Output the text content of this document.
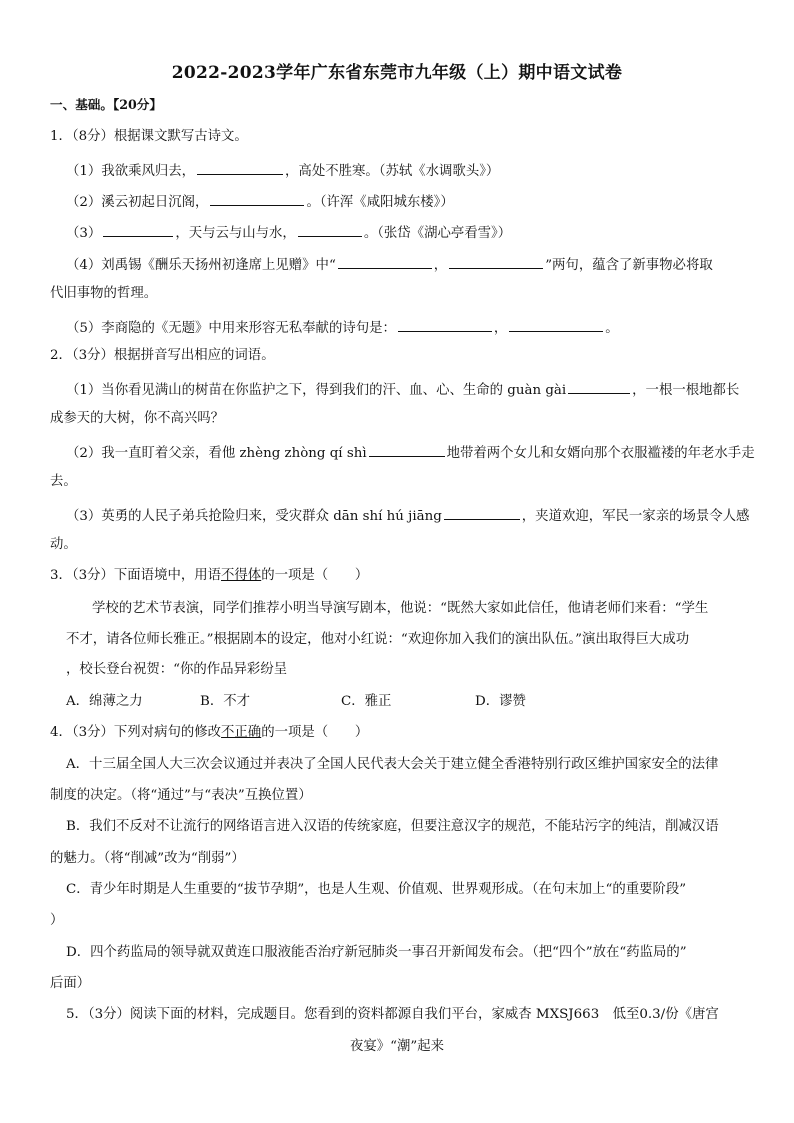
2022-2023学年广东省东莞市九年级（上）期中语文试卷
一、基础。【20分】
1．（8分）根据课文默写古诗文。
（1）我欲乘风归去，	，高处不胜寒。（苏轼《水调歌头》）
（2）溪云初起日沉阁，	。（许浑《咸阳城东楼》）
（3）	，天与云与山与水，	。（张岱《湖心亭看雪》）
（4）刘禹锡《酬乐天扬州初逢席上见赠》中“	，	”两句，蕴含了新事物必将取
代旧事物的哲理。
（5）李商隐的《无题》中用来形容无私奉献的诗句是：	，	。
2．（3分）根据拼音写出相应的词语。
（1）当你看见满山的树苗在你监护之下，得到我们的汗、血、心、生命的 guàn gài	，一根一根地都长
成参天的大树，你不高兴吗？
（2）我一直盯着父亲，看他 zhèng zhòng qí shì	地带着两个女儿和女婿向那个衣服褴褛的年老水手走
去。
（3）英勇的人民子弟兵抢险归来，受灾群众 dān shí hú jiāng	，夹道欢迎，军民一家亲的场景令人感
动。
3．（3分）下面语境中，用语不得体的一项是（　　）
学校的艺术节表演，同学们推荐小明当导演写剧本，他说：“既然大家如此信任，他请老师们来看：“学生
不才，请各位师长雅正。”根据剧本的设定，他对小红说：“欢迎你加入我们的演出队伍。”演出取得巨大成功
，校长登台祝贺：“你的作品异彩纷呈
A．绵薄之力	B．不才	C．雅正	D．谬赞
4．（3分）下列对病句的修改不正确的一项是（　　）
A．十三届全国人大三次会议通过并表决了全国人民代表大会关于建立健全香港特别行政区维护国家安全的法律
制度的决定。（将“通过”与“表决”互换位置）
B．我们不反对不让流行的网络语言进入汉语的传统家庭，但要注意汉字的规范，不能玷污字的纯洁，削减汉语
的魅力。（将“削减”改为“削弱”）
C．青少年时期是人生重要的“拔节孕期”，也是人生观、价值观、世界观形成。（在句末加上“的重要阶段”
）
D．四个药监局的领导就双黄连口服液能否治疗新冠肺炎一事召开新闻发布会。（把“四个”放在“药监局的”
后面）
5．（3分）阅读下面的材料，完成题目。您看到的资料都源自我们平台，家威杏 MXSJ663　低至0.3/份《唐宫
夜宴》“潮”起来
